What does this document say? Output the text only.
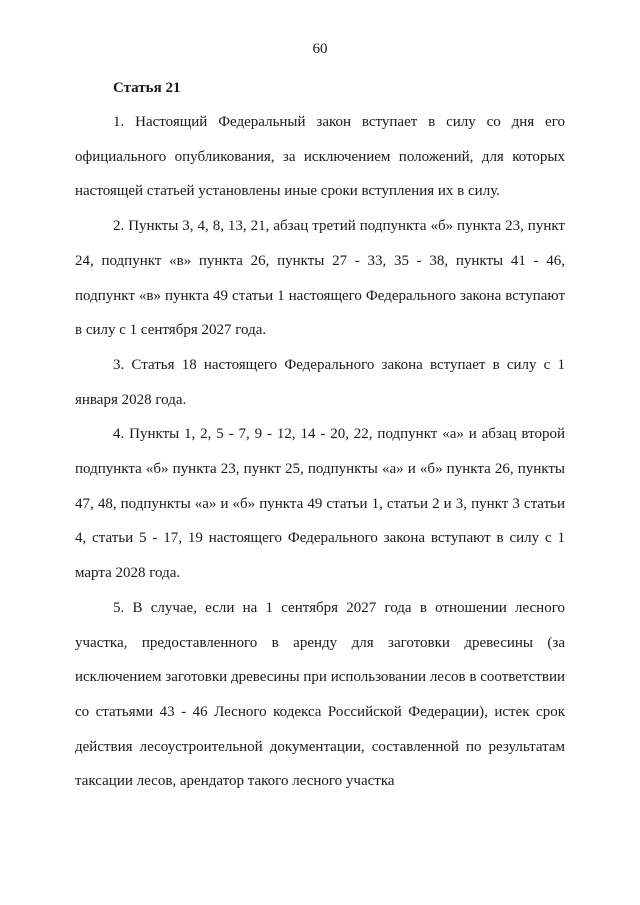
60
Статья 21

1. Настоящий Федеральный закон вступает в силу со дня его официального опубликования, за исключением положений, для которых настоящей статьей установлены иные сроки вступления их в силу.

2. Пункты 3, 4, 8, 13, 21, абзац третий подпункта «б» пункта 23, пункт 24, подпункт «в» пункта 26, пункты 27 - 33, 35 - 38, пункты 41 - 46, подпункт «в» пункта 49 статьи 1 настоящего Федерального закона вступают в силу с 1 сентября 2027 года.

3. Статья 18 настоящего Федерального закона вступает в силу с 1 января 2028 года.

4. Пункты 1, 2, 5 - 7, 9 - 12, 14 - 20, 22, подпункт «а» и абзац второй подпункта «б» пункта 23, пункт 25, подпункты «а» и «б» пункта 26, пункты 47, 48, подпункты «а» и «б» пункта 49 статьи 1, статьи 2 и 3, пункт 3 статьи 4, статьи 5 - 17, 19 настоящего Федерального закона вступают в силу с 1 марта 2028 года.

5. В случае, если на 1 сентября 2027 года в отношении лесного участка, предоставленного в аренду для заготовки древесины (за исключением заготовки древесины при использовании лесов в соответствии со статьями 43 - 46 Лесного кодекса Российской Федерации), истек срок действия лесоустроительной документации, составленной по результатам таксации лесов, арендатор такого лесного участка
